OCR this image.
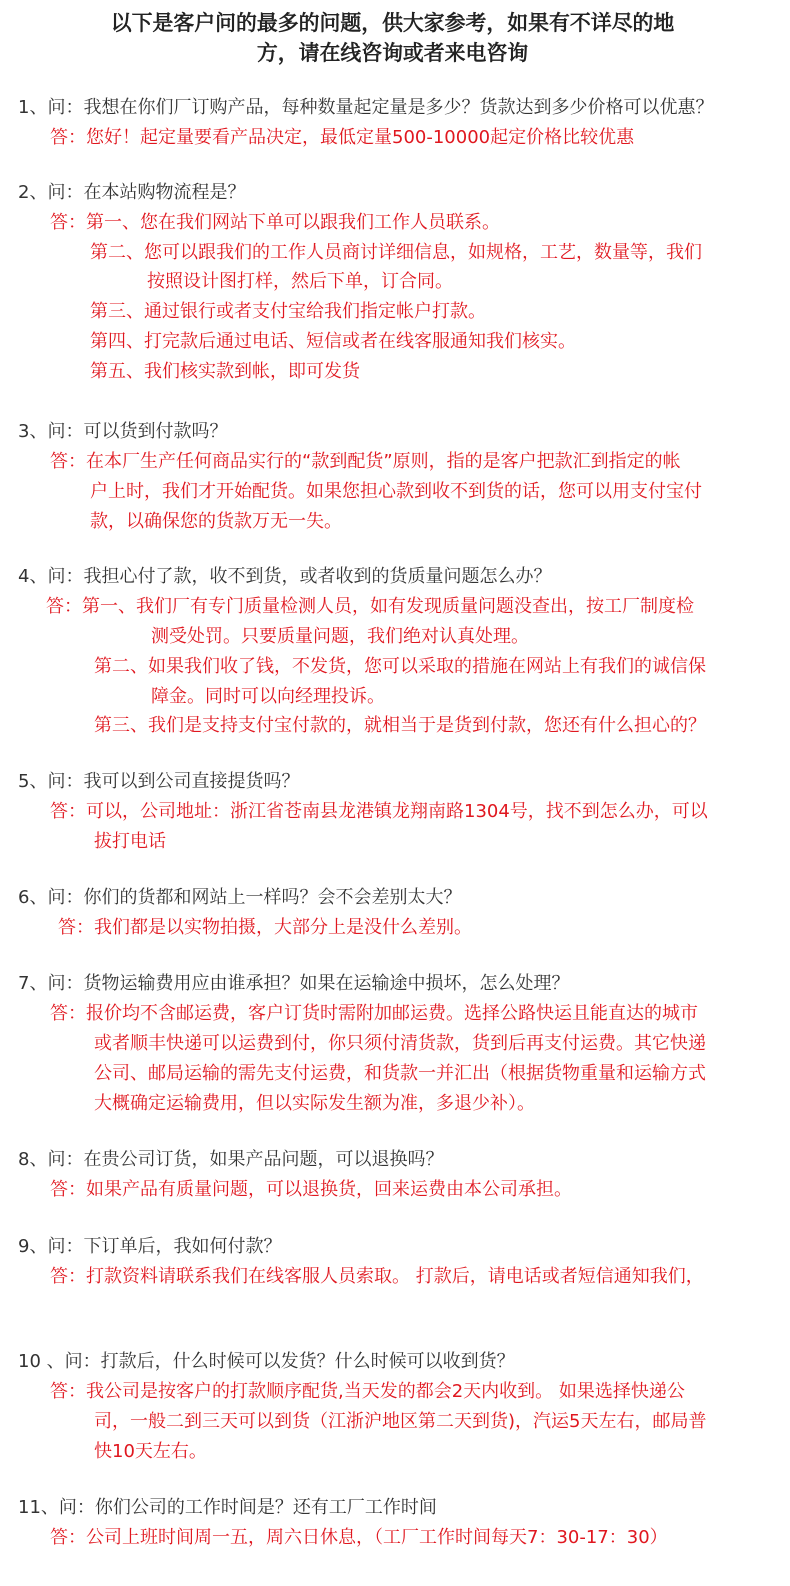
以下是客户问的最多的问题，供大家参考，如果有不详尽的地
方，请在线咨询或者来电咨询
1、问：我想在你们厂订购产品，每种数量起定量是多少？货款达到多少价格可以优惠？
答：您好！起定量要看产品决定，最低定量500-10000起定价格比较优惠
2、问：在本站购物流程是？
答：第一、您在我们网站下单可以跟我们工作人员联系。
第二、您可以跟我们的工作人员商讨详细信息，如规格，工艺，数量等，我们
按照设计图打样，然后下单，订合同。
第三、通过银行或者支付宝给我们指定帐户打款。
第四、打完款后通过电话、短信或者在线客服通知我们核实。
第五、我们核实款到帐，即可发货
3、问：可以货到付款吗？
答：在本厂生产任何商品实行的“款到配货”原则，指的是客户把款汇到指定的帐
户上时，我们才开始配货。如果您担心款到收不到货的话，您可以用支付宝付
款，以确保您的货款万无一失。
4、问：我担心付了款，收不到货，或者收到的货质量问题怎么办？
答：第一、我们厂有专门质量检测人员，如有发现质量问题没查出，按工厂制度检
测受处罚。只要质量问题，我们绝对认真处理。
第二、如果我们收了钱，不发货，您可以采取的措施在网站上有我们的诚信保
障金。同时可以向经理投诉。
第三、我们是支持支付宝付款的，就相当于是货到付款，您还有什么担心的？
5、问：我可以到公司直接提货吗？
答：可以，公司地址：浙江省苍南县龙港镇龙翔南路1304号，找不到怎么办，可以
拔打电话
6、问：你们的货都和网站上一样吗？会不会差别太大？
答：我们都是以实物拍摄，大部分上是没什么差别。
7、问：货物运输费用应由谁承担？如果在运输途中损坏，怎么处理？
答：报价均不含邮运费，客户订货时需附加邮运费。选择公路快运且能直达的城市
或者顺丰快递可以运费到付，你只须付清货款，货到后再支付运费。其它快递
公司、邮局运输的需先支付运费，和货款一并汇出（根据货物重量和运输方式
大概确定运输费用，但以实际发生额为准，多退少补）。
8、问：在贵公司订货，如果产品问题，可以退换吗？
答：如果产品有质量问题，可以退换货，回来运费由本公司承担。
9、问：下订单后，我如何付款？
答：打款资料请联系我们在线客服人员索取。 打款后，请电话或者短信通知我们，
10 、问：打款后，什么时候可以发货？什么时候可以收到货？
答：我公司是按客户的打款顺序配货,当天发的都会2天内收到。 如果选择快递公
司，一般二到三天可以到货（江浙沪地区第二天到货)，汽运5天左右，邮局普
快10天左右。
11、问：你们公司的工作时间是？还有工厂工作时间
答：公司上班时间周一五，周六日休息，（工厂工作时间每天7：30-17：30）
